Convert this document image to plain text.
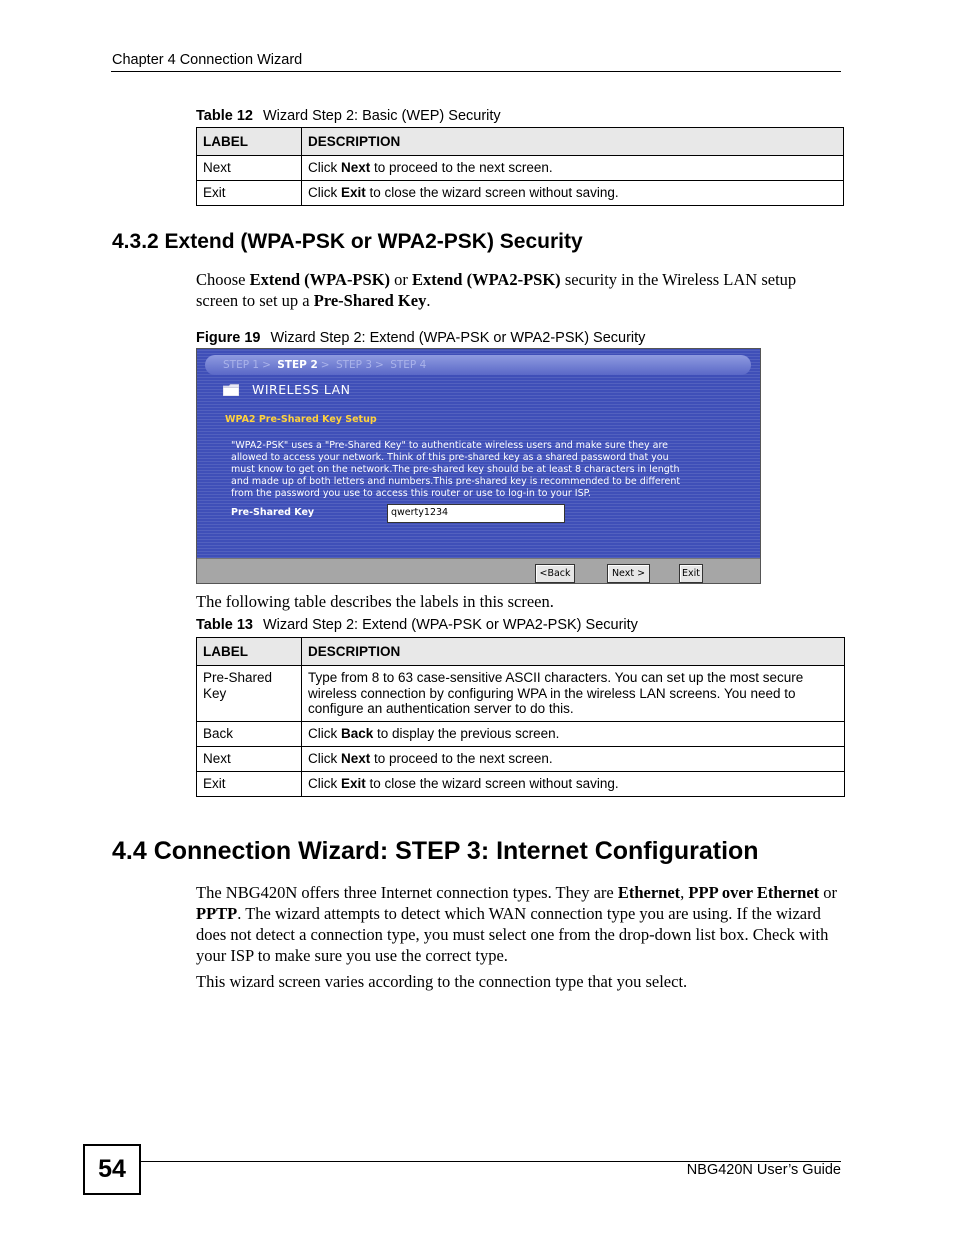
Chapter 4 Connection Wizard
Table 12 Wizard Step 2: Basic (WEP) Security
LABEL	DESCRIPTION
Next	Click Next to proceed to the next screen.
Exit	Click Exit to close the wizard screen without saving.
4.3.2 Extend (WPA-PSK or WPA2-PSK) Security
Choose Extend (WPA-PSK) or Extend (WPA2-PSK) security in the Wireless LAN setup screen to set up a Pre-Shared Key.
Figure 19 Wizard Step 2: Extend (WPA-PSK or WPA2-PSK) Security
STEP 1 > STEP 2 > STEP 3 > STEP 4
WIRELESS LAN
WPA2 Pre-Shared Key Setup
"WPA2-PSK" uses a "Pre-Shared Key" to authenticate wireless users and make sure they are
allowed to access your network. Think of this pre-shared key as a shared password that you
must know to get on the network.The pre-shared key should be at least 8 characters in length
and made up of both letters and numbers.This pre-shared key is recommended to be different
from the password you use to access this router or use to log-in to your ISP.
Pre-Shared Key	qwerty1234
<Back	Next >	Exit
The following table describes the labels in this screen.
Table 13 Wizard Step 2: Extend (WPA-PSK or WPA2-PSK) Security
LABEL	DESCRIPTION
Pre-Shared Key	Type from 8 to 63 case-sensitive ASCII characters. You can set up the most secure wireless connection by configuring WPA in the wireless LAN screens. You need to configure an authentication server to do this.
Back	Click Back to display the previous screen.
Next	Click Next to proceed to the next screen.
Exit	Click Exit to close the wizard screen without saving.
4.4 Connection Wizard: STEP 3: Internet Configuration
The NBG420N offers three Internet connection types. They are Ethernet, PPP over Ethernet or PPTP. The wizard attempts to detect which WAN connection type you are using. If the wizard does not detect a connection type, you must select one from the drop-down list box. Check with your ISP to make sure you use the correct type.
This wizard screen varies according to the connection type that you select.
54	NBG420N User’s Guide
